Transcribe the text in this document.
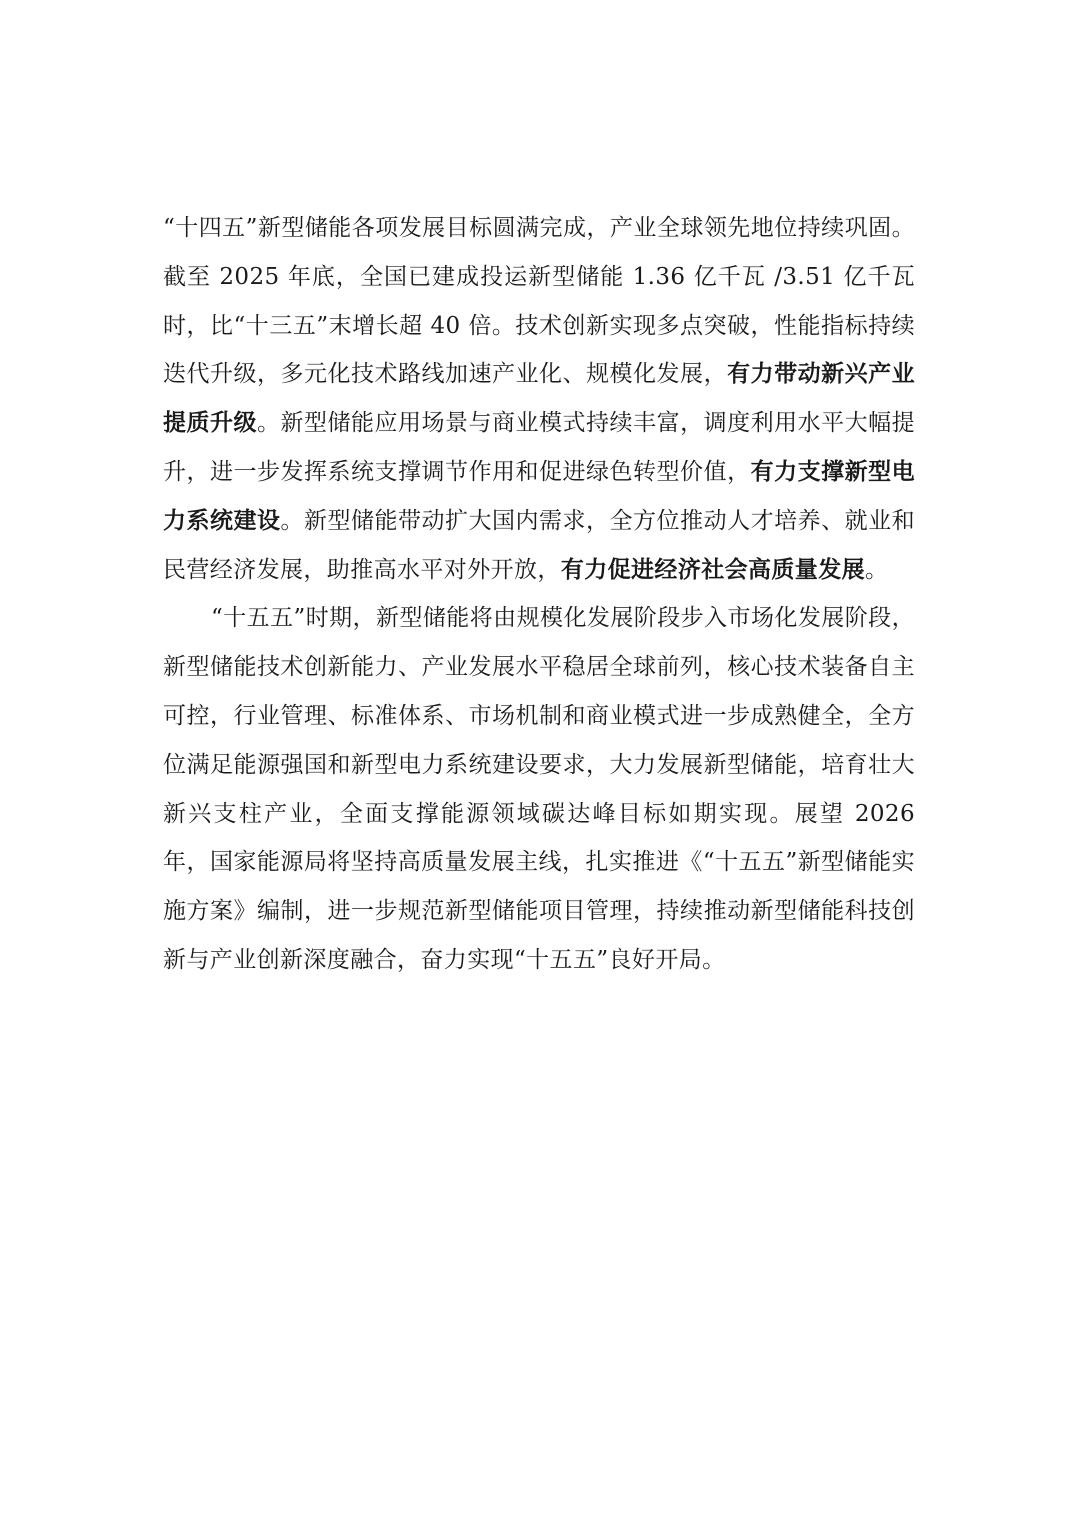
“十四五”新型储能各项发展目标圆满完成，产业全球领先地位持续巩固。截至 2025 年底，全国已建成投运新型储能 1.36 亿千瓦 /3.51 亿千瓦时，比“十三五”末增长超 40 倍。技术创新实现多点突破，性能指标持续迭代升级，多元化技术路线加速产业化、规模化发展，有力带动新兴产业提质升级。新型储能应用场景与商业模式持续丰富，调度利用水平大幅提升，进一步发挥系统支撑调节作用和促进绿色转型价值，有力支撑新型电力系统建设。新型储能带动扩大国内需求，全方位推动人才培养、就业和民营经济发展，助推高水平对外开放，有力促进经济社会高质量发展。

“十五五”时期，新型储能将由规模化发展阶段步入市场化发展阶段，新型储能技术创新能力、产业发展水平稳居全球前列，核心技术装备自主可控，行业管理、标准体系、市场机制和商业模式进一步成熟健全，全方位满足能源强国和新型电力系统建设要求，大力发展新型储能，培育壮大新兴支柱产业，全面支撑能源领域碳达峰目标如期实现。展望 2026 年，国家能源局将坚持高质量发展主线，扎实推进《“十五五”新型储能实施方案》编制，进一步规范新型储能项目管理，持续推动新型储能科技创新与产业创新深度融合，奋力实现“十五五”良好开局。
